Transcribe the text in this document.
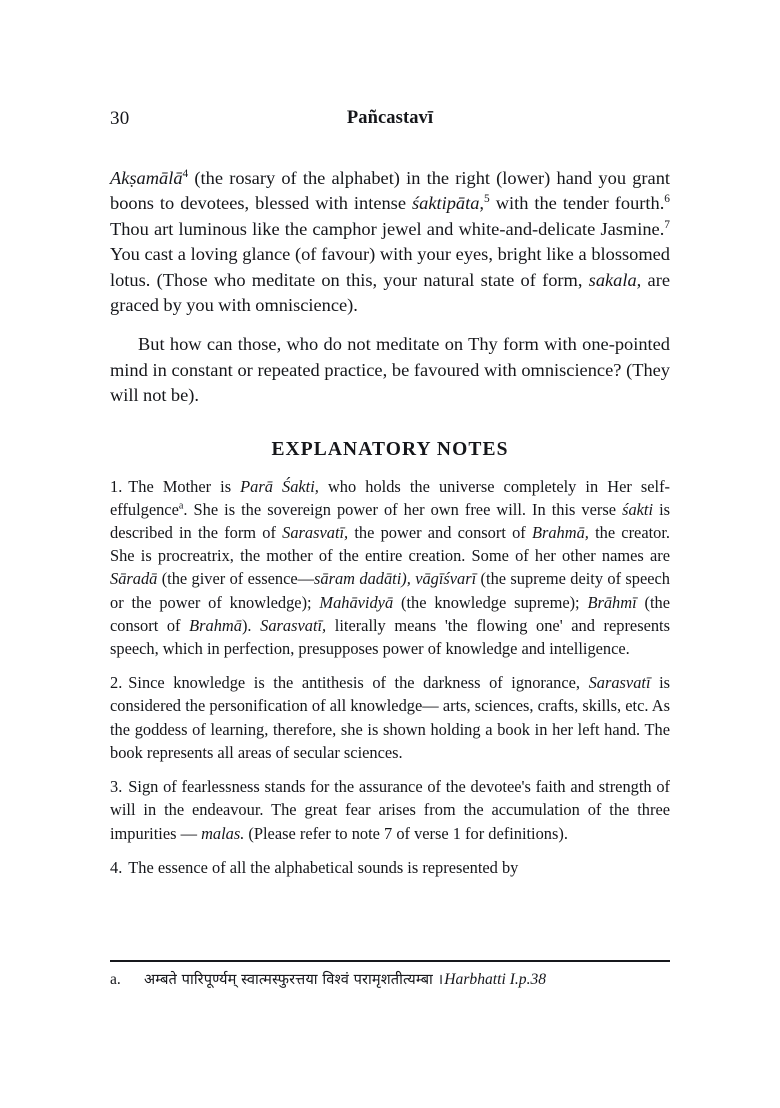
30	Pañcastavī
Akṣamālā$^4$ (the rosary of the alphabet) in the right (lower) hand you grant boons to devotees, blessed with intense śaktipāta,$^5$ with the tender fourth.$^6$ Thou art luminous like the camphor jewel and white-and-delicate Jasmine.$^7$ You cast a loving glance (of favour) with your eyes, bright like a blossomed lotus. (Those who meditate on this, your natural state of form, sakala, are graced by you with omniscience).
But how can those, who do not meditate on Thy form with one-pointed mind in constant or repeated practice, be favoured with omniscience? (They will not be).
EXPLANATORY NOTES
1. The Mother is Parā Śakti, who holds the universe completely in Her self-effulgence$^a$. She is the sovereign power of her own free will. In this verse śakti is described in the form of Sarasvatī, the power and consort of Brahmā, the creator. She is procreatrix, the mother of the entire creation. Some of her other names are Sāradā (the giver of essence—sāram dadāti), vāgīśvarī (the supreme deity of speech or the power of knowledge); Mahāvidyā (the knowledge supreme); Brāhmī (the consort of Brahmā). Sarasvatī, literally means 'the flowing one' and represents speech, which in perfection, presupposes power of knowledge and intelligence.
2. Since knowledge is the antithesis of the darkness of ignorance, Sarasvatī is considered the personification of all knowledge— arts, sciences, crafts, skills, etc. As the goddess of learning, therefore, she is shown holding a book in her left hand. The book represents all areas of secular sciences.
3. Sign of fearlessness stands for the assurance of the devotee's faith and strength of will in the endeavour. The great fear arises from the accumulation of the three impurities — malas. (Please refer to note 7 of verse 1 for definitions).
4. The essence of all the alphabetical sounds is represented by
a.	अम्बते पारिपूर्ण्यम् स्वात्मस्फुरत्तया विश्वं परामृशतीत्यम्बा ।Harbhatti I.p.38
